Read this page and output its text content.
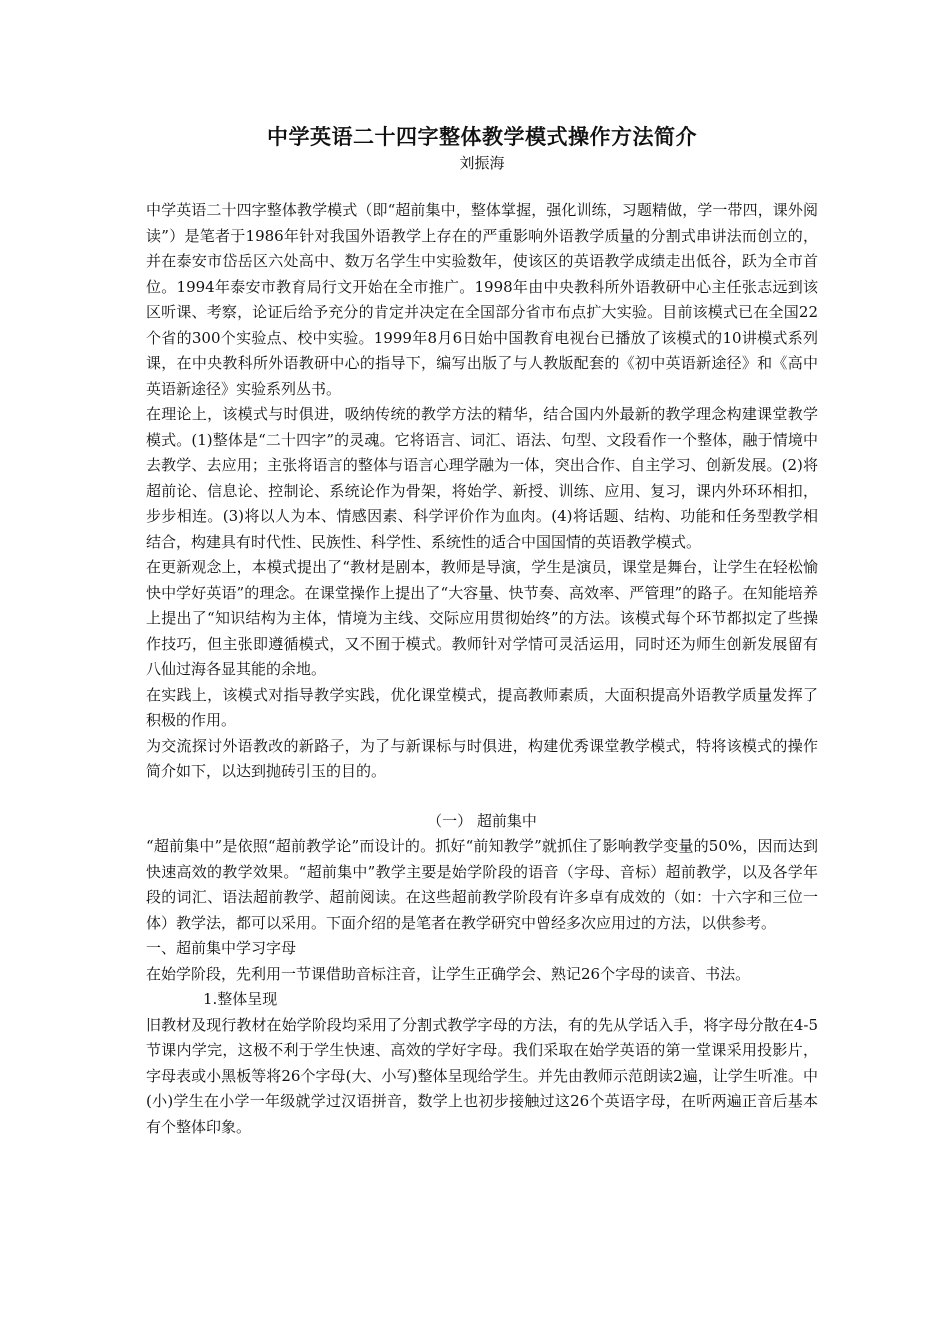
中学英语二十四字整体教学模式操作方法简介
刘振海

中学英语二十四字整体教学模式（即“超前集中，整体掌握，强化训练，习题精做，学一带四，课外阅读”）是笔者于1986年针对我国外语教学上存在的严重影响外语教学质量的分割式串讲法而创立的，并在泰安市岱岳区六处高中、数万名学生中实验数年，使该区的英语教学成绩走出低谷，跃为全市首位。1994年泰安市教育局行文开始在全市推广。1998年由中央教科所外语教研中心主任张志远到该区听课、考察，论证后给予充分的肯定并决定在全国部分省市布点扩大实验。目前该模式已在全国22个省的300个实验点、校中实验。1999年8月6日始中国教育电视台已播放了该模式的10讲模式系列课，在中央教科所外语教研中心的指导下，编写出版了与人教版配套的《初中英语新途径》和《高中英语新途径》实验系列丛书。

在理论上，该模式与时俱进，吸纳传统的教学方法的精华，结合国内外最新的教学理念构建课堂教学模式。(1)整体是“二十四字”的灵魂。它将语言、词汇、语法、句型、文段看作一个整体，融于情境中去教学、去应用；主张将语言的整体与语言心理学融为一体，突出合作、自主学习、创新发展。(2)将超前论、信息论、控制论、系统论作为骨架，将始学、新授、训练、应用、复习，课内外环环相扣，步步相连。(3)将以人为本、情感因素、科学评价作为血肉。(4)将话题、结构、功能和任务型教学相结合，构建具有时代性、民族性、科学性、系统性的适合中国国情的英语教学模式。

在更新观念上，本模式提出了“教材是剧本，教师是导演，学生是演员，课堂是舞台，让学生在轻松愉快中学好英语”的理念。在课堂操作上提出了“大容量、快节奏、高效率、严管理”的路子。在知能培养上提出了“知识结构为主体，情境为主线、交际应用贯彻始终”的方法。该模式每个环节都拟定了些操作技巧，但主张即遵循模式，又不囿于模式。教师针对学情可灵活运用，同时还为师生创新发展留有八仙过海各显其能的余地。

在实践上，该模式对指导教学实践，优化课堂模式，提高教师素质，大面积提高外语教学质量发挥了积极的作用。

为交流探讨外语教改的新路子，为了与新课标与时俱进，构建优秀课堂教学模式，特将该模式的操作简介如下，以达到抛砖引玉的目的。

（一） 超前集中

“超前集中”是依照“超前教学论”而设计的。抓好“前知教学”就抓住了影响教学变量的50%，因而达到快速高效的教学效果。“超前集中”教学主要是始学阶段的语音（字母、音标）超前教学，以及各学年段的词汇、语法超前教学、超前阅读。在这些超前教学阶段有许多卓有成效的（如：十六字和三位一体）教学法，都可以采用。下面介绍的是笔者在教学研究中曾经多次应用过的方法，以供参考。

一、超前集中学习字母

在始学阶段，先利用一节课借助音标注音，让学生正确学会、熟记26个字母的读音、书法。

1.整体呈现

旧教材及现行教材在始学阶段均采用了分割式教学字母的方法，有的先从学话入手，将字母分散在4-5节课内学完，这极不利于学生快速、高效的学好字母。我们采取在始学英语的第一堂课采用投影片，字母表或小黑板等将26个字母(大、小写)整体呈现给学生。并先由教师示范朗读2遍，让学生听准。中(小)学生在小学一年级就学过汉语拼音，数学上也初步接触过这26个英语字母，在听两遍正音后基本有个整体印象。
